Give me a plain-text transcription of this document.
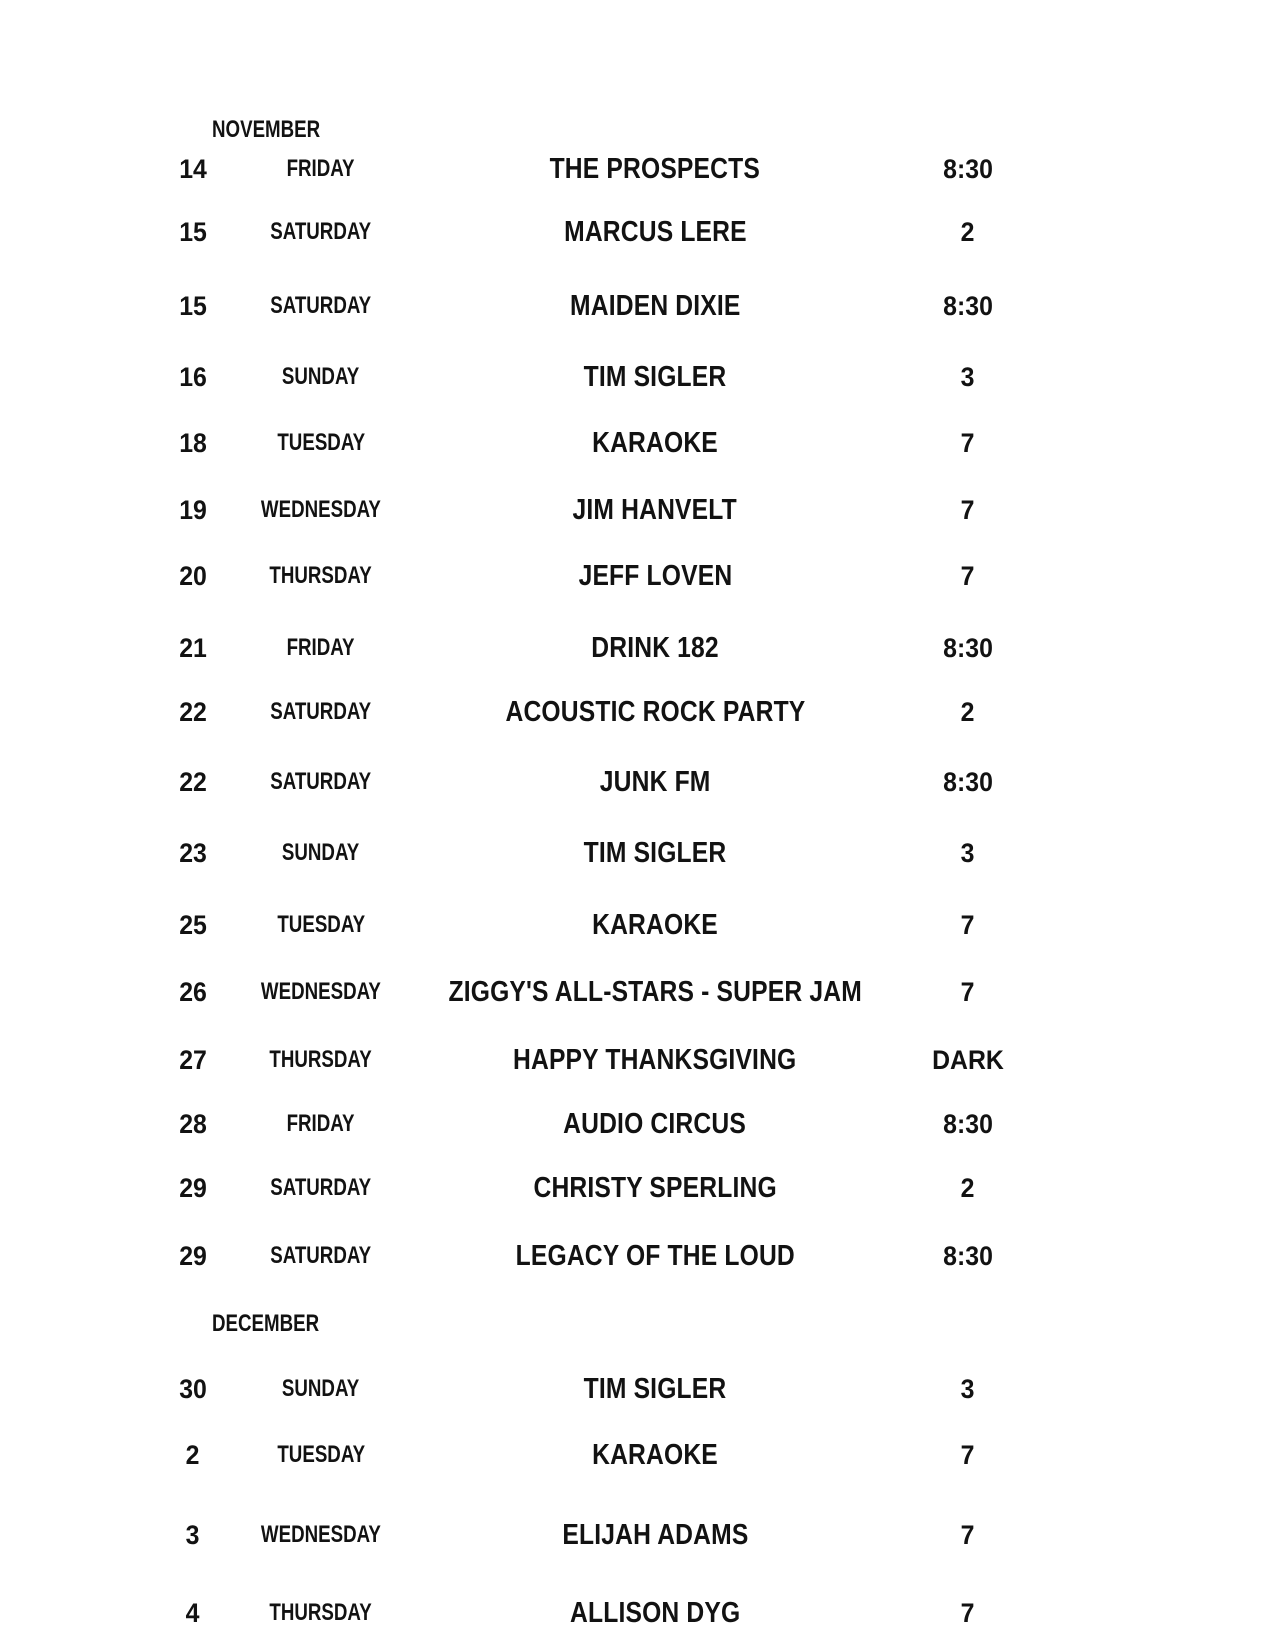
NOVEMBER
14	FRIDAY	THE PROSPECTS	8:30
15	SATURDAY	MARCUS LERE	2
15	SATURDAY	MAIDEN DIXIE	8:30
16	SUNDAY	TIM SIGLER	3
18	TUESDAY	KARAOKE	7
19	WEDNESDAY	JIM HANVELT	7
20	THURSDAY	JEFF LOVEN	7
21	FRIDAY	DRINK 182	8:30
22	SATURDAY	ACOUSTIC ROCK PARTY	2
22	SATURDAY	JUNK FM	8:30
23	SUNDAY	TIM SIGLER	3
25	TUESDAY	KARAOKE	7
26	WEDNESDAY	ZIGGY'S ALL-STARS - SUPER JAM	7
27	THURSDAY	HAPPY THANKSGIVING	DARK
28	FRIDAY	AUDIO CIRCUS	8:30
29	SATURDAY	CHRISTY SPERLING	2
29	SATURDAY	LEGACY OF THE LOUD	8:30
DECEMBER
30	SUNDAY	TIM SIGLER	3
2	TUESDAY	KARAOKE	7
3	WEDNESDAY	ELIJAH ADAMS	7
4	THURSDAY	ALLISON DYG	7
